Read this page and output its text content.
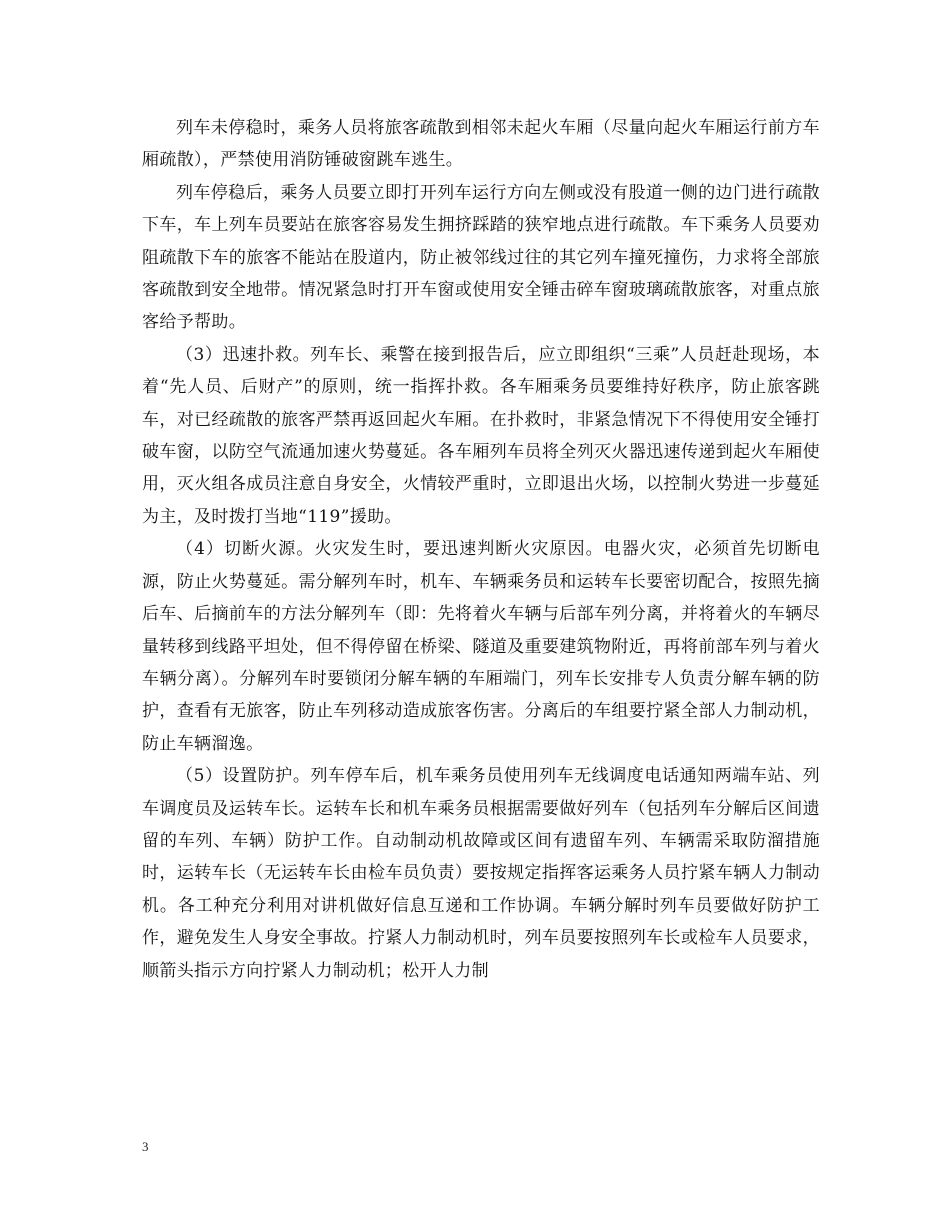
列车未停稳时，乘务人员将旅客疏散到相邻未起火车厢（尽量向起火车厢运行前方车厢疏散），严禁使用消防锤破窗跳车逃生。

列车停稳后，乘务人员要立即打开列车运行方向左侧或没有股道一侧的边门进行疏散下车，车上列车员要站在旅客容易发生拥挤踩踏的狭窄地点进行疏散。车下乘务人员要劝阻疏散下车的旅客不能站在股道内，防止被邻线过往的其它列车撞死撞伤，力求将全部旅客疏散到安全地带。情况紧急时打开车窗或使用安全锤击碎车窗玻璃疏散旅客，对重点旅客给予帮助。

（3）迅速扑救。列车长、乘警在接到报告后，应立即组织“三乘”人员赶赴现场，本着“先人员、后财产”的原则，统一指挥扑救。各车厢乘务员要维持好秩序，防止旅客跳车，对已经疏散的旅客严禁再返回起火车厢。在扑救时，非紧急情况下不得使用安全锤打破车窗，以防空气流通加速火势蔓延。各车厢列车员将全列灭火器迅速传递到起火车厢使用，灭火组各成员注意自身安全，火情较严重时，立即退出火场，以控制火势进一步蔓延为主，及时拨打当地“119”援助。

（4）切断火源。火灾发生时，要迅速判断火灾原因。电器火灾，必须首先切断电源，防止火势蔓延。需分解列车时，机车、车辆乘务员和运转车长要密切配合，按照先摘后车、后摘前车的方法分解列车（即：先将着火车辆与后部车列分离，并将着火的车辆尽量转移到线路平坦处，但不得停留在桥梁、隧道及重要建筑物附近，再将前部车列与着火车辆分离）。分解列车时要锁闭分解车辆的车厢端门，列车长安排专人负责分解车辆的防护，查看有无旅客，防止车列移动造成旅客伤害。分离后的车组要拧紧全部人力制动机，防止车辆溜逸。

（5）设置防护。列车停车后，机车乘务员使用列车无线调度电话通知两端车站、列车调度员及运转车长。运转车长和机车乘务员根据需要做好列车（包括列车分解后区间遗留的车列、车辆）防护工作。自动制动机故障或区间有遗留车列、车辆需采取防溜措施时，运转车长（无运转车长由检车员负责）要按规定指挥客运乘务人员拧紧车辆人力制动机。各工种充分利用对讲机做好信息互递和工作协调。车辆分解时列车员要做好防护工作，避免发生人身安全事故。拧紧人力制动机时，列车员要按照列车长或检车人员要求，顺箭头指示方向拧紧人力制动机；松开人力制

3
